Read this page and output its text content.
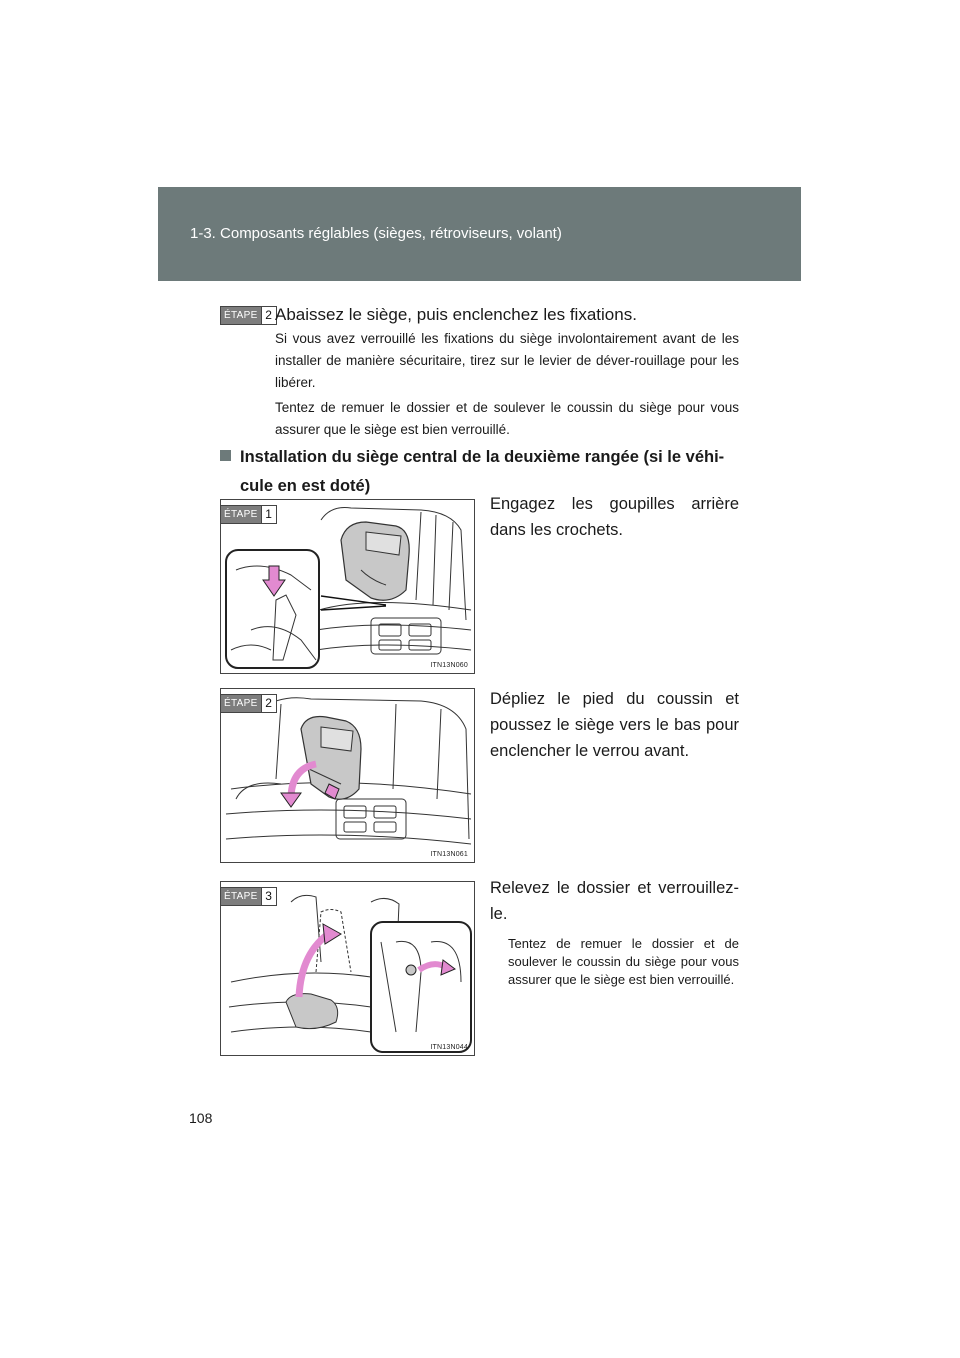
1-3. Composants réglables (sièges, rétroviseurs, volant)
ÉTAPE 2 Abaissez le siège, puis enclenchez les fixations.

Si vous avez verrouillé les fixations du siège involontairement avant de les installer de manière sécuritaire, tirez sur le levier de déver-rouillage pour les libérer.

Tentez de remuer le dossier et de soulever le coussin du siège pour vous assurer que le siège est bien verrouillé.

Installation du siège central de la deuxième rangée (si le véhi-
cule en est doté)
ÉTAPE 1
ITN13N060

Engagez les goupilles arrière dans les crochets.

ÉTAPE 2
ITN13N061

Dépliez le pied du coussin et poussez le siège vers le bas pour enclencher le verrou avant.

ÉTAPE 3
ITN13N044

Relevez le dossier et verrouillez-le.

Tentez de remuer le dossier et de soulever le coussin du siège pour vous assurer que le siège est bien verrouillé.

108
